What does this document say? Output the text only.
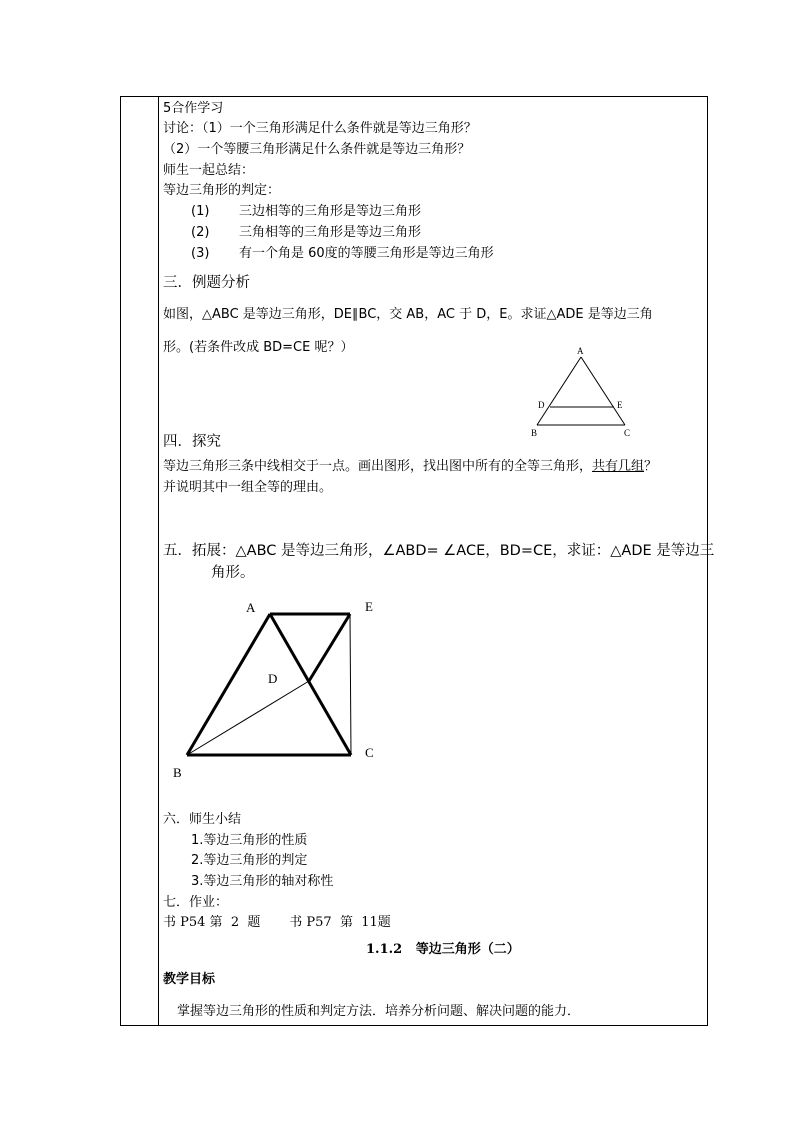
5合作学习
讨论：（1）一个三角形满足什么条件就是等边三角形？
（2）一个等腰三角形满足什么条件就是等边三角形？
师生一起总结：
等边三角形的判定：
(1) 三边相等的三角形是等边三角形
(2) 三角相等的三角形是等边三角形
(3) 有一个角是 60度的等腰三角形是等边三角形
三．例题分析
如图，△ABC 是等边三角形，DE∥BC，交 AB，AC 于 D，E。求证△ADE 是等边三角
形。(若条件改成 BD=CE 呢？）	A
D	E
B	C
四．探究
等边三角形三条中线相交于一点。画出图形，找出图中所有的全等三角形，共有几组？
并说明其中一组全等的理由。
五．拓展：△ABC 是等边三角形，∠ABD= ∠ACE，BD=CE，求证：△ADE 是等边三
角形。
A	E
D
C
B
六．师生小结
1.等边三角形的性质
2.等边三角形的判定
3.等边三角形的轴对称性
七．作业：
书 P54 第  2  题       书 P57  第  11题
1.1.2   等边三角形（二）
教学目标
掌握等边三角形的性质和判定方法．培养分析问题、解决问题的能力．
